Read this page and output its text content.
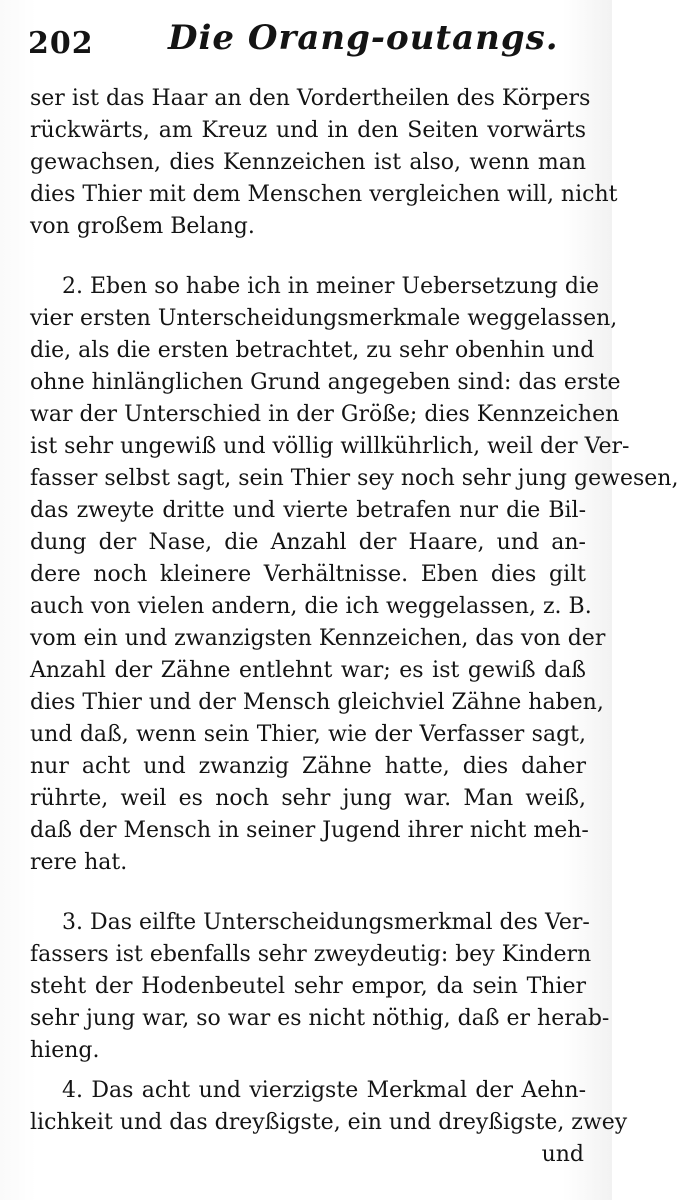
202 Die Orang-outangs.
ser ist das Haar an den Vordertheilen des Körpers
rückwärts, am Kreuz und in den Seiten vorwärts
gewachsen, dies Kennzeichen ist also, wenn man
dies Thier mit dem Menschen vergleichen will, nicht
von großem Belang.
2. Eben so habe ich in meiner Uebersetzung die
vier ersten Unterscheidungsmerkmale weggelassen,
die, als die ersten betrachtet, zu sehr obenhin und
ohne hinlänglichen Grund angegeben sind: das erste
war der Unterschied in der Größe; dies Kennzeichen
ist sehr ungewiß und völlig willkührlich, weil der Ver-
fasser selbst sagt, sein Thier sey noch sehr jung gewesen,
das zweyte dritte und vierte betrafen nur die Bil-
dung der Nase, die Anzahl der Haare, und an-
dere noch kleinere Verhältnisse. Eben dies gilt
auch von vielen andern, die ich weggelassen, z. B.
vom ein und zwanzigsten Kennzeichen, das von der
Anzahl der Zähne entlehnt war; es ist gewiß daß
dies Thier und der Mensch gleichviel Zähne haben,
und daß, wenn sein Thier, wie der Verfasser sagt,
nur acht und zwanzig Zähne hatte, dies daher
rührte, weil es noch sehr jung war. Man weiß,
daß der Mensch in seiner Jugend ihrer nicht meh-
rere hat.
3. Das eilfte Unterscheidungsmerkmal des Ver-
fassers ist ebenfalls sehr zweydeutig: bey Kindern
steht der Hodenbeutel sehr empor, da sein Thier
sehr jung war, so war es nicht nöthig, daß er herab-
hieng.
4. Das acht und vierzigste Merkmal der Aehn-
lichkeit und das dreyßigste, ein und dreyßigste, zwey
und
